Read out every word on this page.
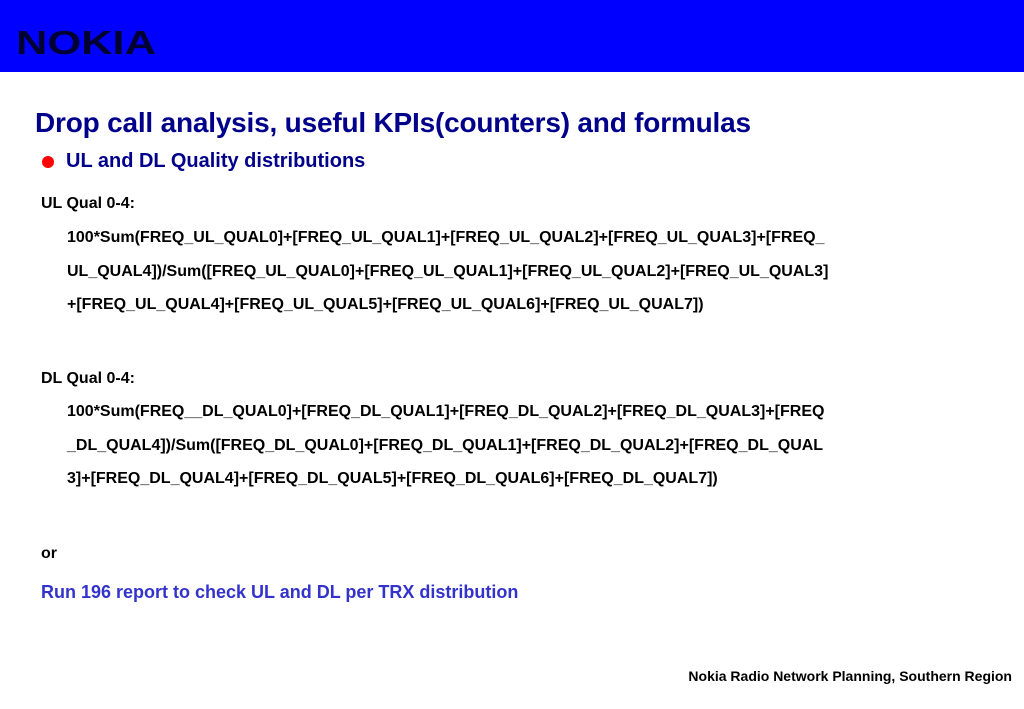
NOKIA
Drop call analysis, useful KPIs(counters) and formulas
UL and DL Quality distributions
UL Qual 0-4:
100*Sum(FREQ_UL_QUAL0]+[FREQ_UL_QUAL1]+[FREQ_UL_QUAL2]+[FREQ_UL_QUAL3]+[FREQ_
UL_QUAL4])/Sum([FREQ_UL_QUAL0]+[FREQ_UL_QUAL1]+[FREQ_UL_QUAL2]+[FREQ_UL_QUAL3]
+[FREQ_UL_QUAL4]+[FREQ_UL_QUAL5]+[FREQ_UL_QUAL6]+[FREQ_UL_QUAL7])
DL Qual 0-4:
100*Sum(FREQ__DL_QUAL0]+[FREQ_DL_QUAL1]+[FREQ_DL_QUAL2]+[FREQ_DL_QUAL3]+[FREQ
_DL_QUAL4])/Sum([FREQ_DL_QUAL0]+[FREQ_DL_QUAL1]+[FREQ_DL_QUAL2]+[FREQ_DL_QUAL
3]+[FREQ_DL_QUAL4]+[FREQ_DL_QUAL5]+[FREQ_DL_QUAL6]+[FREQ_DL_QUAL7])
or
Run 196 report to check UL and DL per TRX distribution
Nokia Radio Network Planning, Southern Region
